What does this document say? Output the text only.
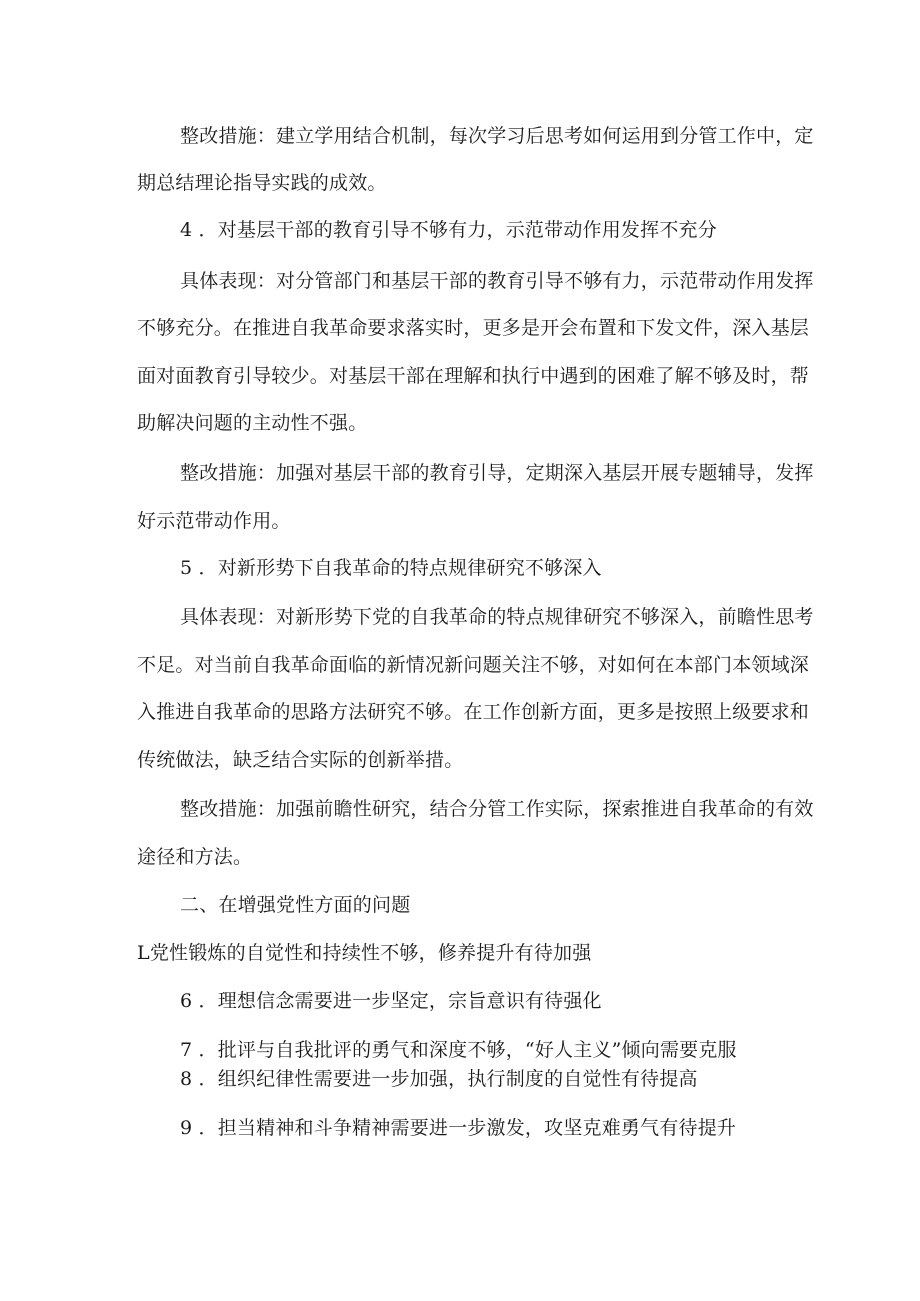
整改措施：建立学用结合机制，每次学习后思考如何运用到分管工作中，定
期总结理论指导实践的成效。
4 ．对基层干部的教育引导不够有力，示范带动作用发挥不充分
具体表现：对分管部门和基层干部的教育引导不够有力，示范带动作用发挥
不够充分。在推进自我革命要求落实时，更多是开会布置和下发文件，深入基层
面对面教育引导较少。对基层干部在理解和执行中遇到的困难了解不够及时，帮
助解决问题的主动性不强。
整改措施：加强对基层干部的教育引导，定期深入基层开展专题辅导，发挥
好示范带动作用。
5 ．对新形势下自我革命的特点规律研究不够深入
具体表现：对新形势下党的自我革命的特点规律研究不够深入，前瞻性思考
不足。对当前自我革命面临的新情况新问题关注不够，对如何在本部门本领域深
入推进自我革命的思路方法研究不够。在工作创新方面，更多是按照上级要求和
传统做法，缺乏结合实际的创新举措。
整改措施：加强前瞻性研究，结合分管工作实际，探索推进自我革命的有效
途径和方法。
二、在增强党性方面的问题
L党性锻炼的自觉性和持续性不够，修养提升有待加强
6 ．理想信念需要进一步坚定，宗旨意识有待强化
7 ．批评与自我批评的勇气和深度不够，“好人主义”倾向需要克服
8 ．组织纪律性需要进一步加强，执行制度的自觉性有待提高
9 ．担当精神和斗争精神需要进一步激发，攻坚克难勇气有待提升
